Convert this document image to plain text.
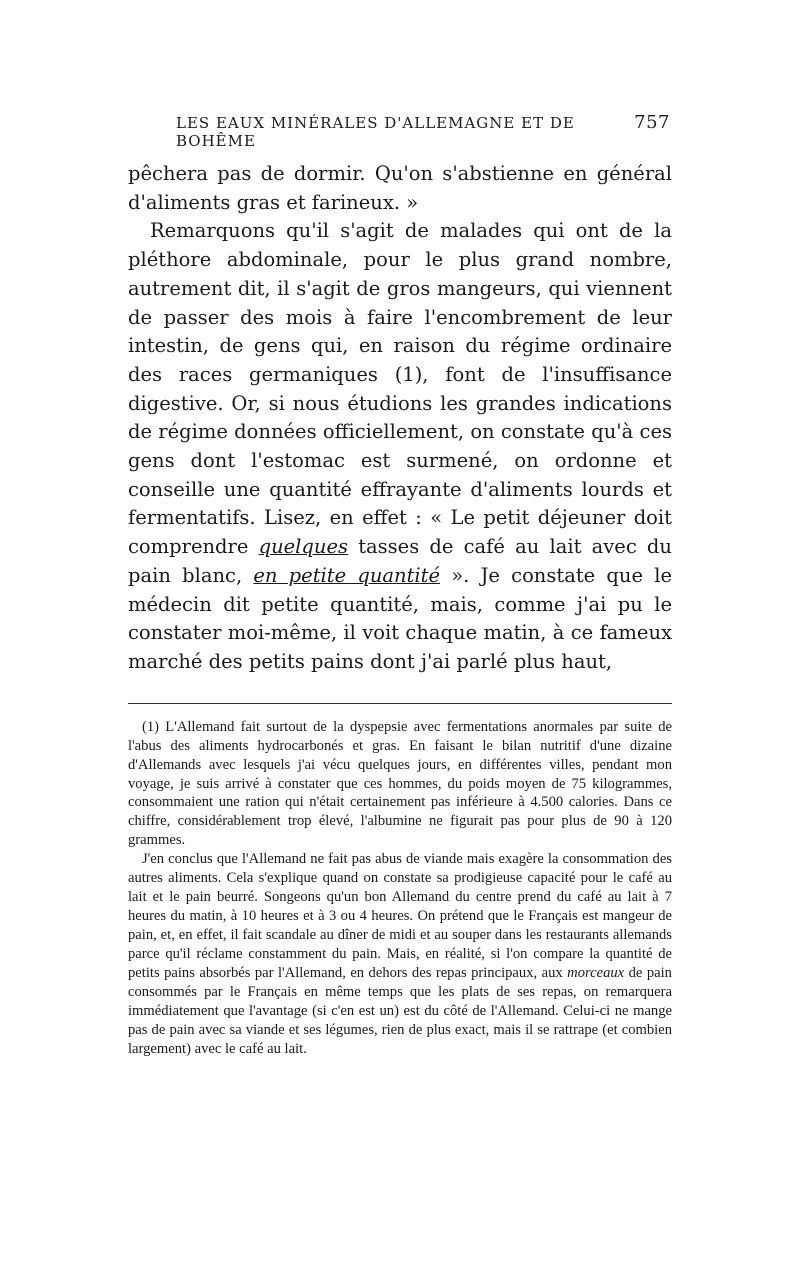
LES EAUX MINÉRALES D'ALLEMAGNE ET DE BOHÊME
757

pêchera pas de dormir. Qu'on s'abstienne en général d'aliments gras et farineux. »

Remarquons qu'il s'agit de malades qui ont de la pléthore abdominale, pour le plus grand nombre, autrement dit, il s'agit de gros mangeurs, qui viennent de passer des mois à faire l'encombrement de leur intestin, de gens qui, en raison du régime ordinaire des races germaniques (1), font de l'insuffisance digestive. Or, si nous étudions les grandes indications de régime données officiellement, on constate qu'à ces gens dont l'estomac est surmené, on ordonne et conseille une quantité effrayante d'aliments lourds et fermentatifs. Lisez, en effet : « Le petit déjeuner doit comprendre quelques tasses de café au lait avec du pain blanc, en petite quantité ». Je constate que le médecin dit petite quantité, mais, comme j'ai pu le constater moi-même, il voit chaque matin, à ce fameux marché des petits pains dont j'ai parlé plus haut,

(1) L'Allemand fait surtout de la dyspepsie avec fermentations anormales par suite de l'abus des aliments hydrocarbonés et gras. En faisant le bilan nutritif d'une dizaine d'Allemands avec lesquels j'ai vécu quelques jours, en différentes villes, pendant mon voyage, je suis arrivé à constater que ces hommes, du poids moyen de 75 kilogrammes, consommaient une ration qui n'était certainement pas inférieure à 4.500 calories. Dans ce chiffre, considérablement trop élevé, l'albumine ne figurait pas pour plus de 90 à 120 grammes.

J'en conclus que l'Allemand ne fait pas abus de viande mais exagère la consommation des autres aliments. Cela s'explique quand on constate sa prodigieuse capacité pour le café au lait et le pain beurré. Songeons qu'un bon Allemand du centre prend du café au lait à 7 heures du matin, à 10 heures et à 3 ou 4 heures. On prétend que le Français est mangeur de pain, et, en effet, il fait scandale au dîner de midi et au souper dans les restaurants allemands parce qu'il réclame constamment du pain. Mais, en réalité, si l'on compare la quantité de petits pains absorbés par l'Allemand, en dehors des repas principaux, aux morceaux de pain consommés par le Français en même temps que les plats de ses repas, on remarquera immédiatement que l'avantage (si c'en est un) est du côté de l'Allemand. Celui-ci ne mange pas de pain avec sa viande et ses légumes, rien de plus exact, mais il se rattrape (et combien largement) avec le café au lait.
